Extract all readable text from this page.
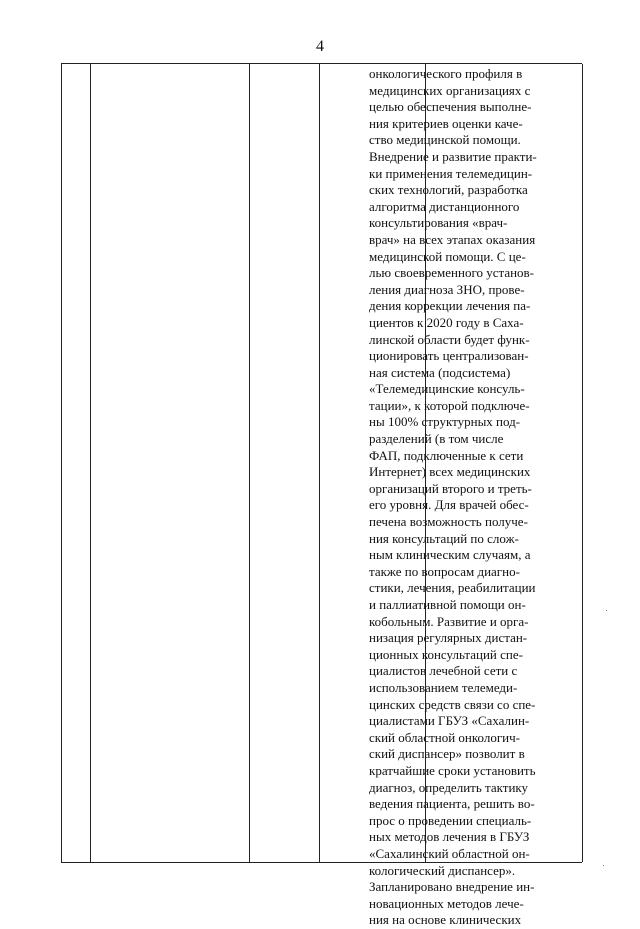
4
онкологического профиля в
медицинских организациях с
целью обеспечения выполне-
ния критериев оценки каче-
ство медицинской помощи.
Внедрение и развитие практи-
ки применения телемедицин-
ских технологий, разработка
алгоритма дистанционного
консультирования «врач-
врач» на всех этапах оказания
медицинской помощи. С це-
лью своевременного установ-
ления диагноза ЗНО, прове-
дения коррекции лечения па-
циентов к 2020 году в Саха-
линской области будет функ-
ционировать централизован-
ная система (подсистема)
«Телемедицинские консуль-
тации», к которой подключе-
ны 100% структурных под-
разделений (в том числе
ФАП, подключенные к сети
Интернет) всех медицинских
организаций второго и треть-
его уровня. Для врачей обес-
печена возможность получе-
ния консультаций по слож-
ным клиническим случаям, а
также по вопросам диагно-
стики, лечения, реабилитации
и паллиативной помощи он-
кобольным. Развитие и орга-
низация регулярных дистан-
ционных консультаций спе-
циалистов лечебной сети с
использованием телемеди-
цинских средств связи со спе-
циалистами ГБУЗ «Сахалин-
ский областной онкологич-
ский диспансер» позволит в
кратчайшие сроки установить
диагноз, определить тактику
ведения пациента, решить во-
прос о проведении специаль-
ных методов лечения в ГБУЗ
«Сахалинский областной он-
кологический диспансер».
Запланировано внедрение ин-
новационных методов лече-
ния на основе клинических
